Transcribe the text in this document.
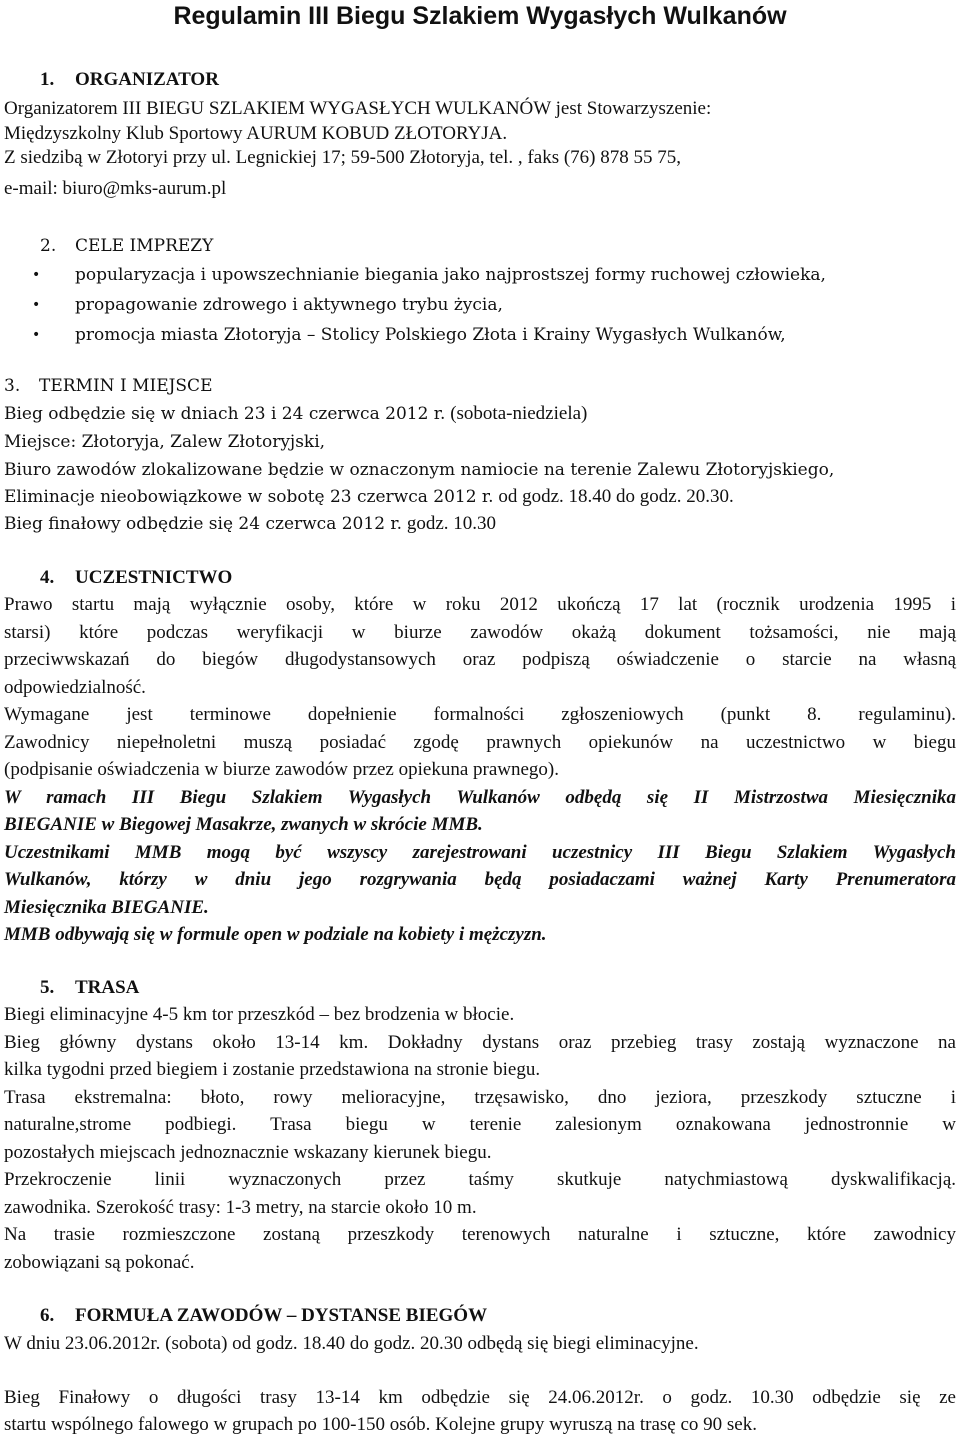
Regulamin III Biegu Szlakiem Wygasłych Wulkanów
1. ORGANIZATOR
Organizatorem III BIEGU SZLAKIEM WYGASŁYCH WULKANÓW jest Stowarzyszenie:
Międzyszkolny Klub Sportowy AURUM KOBUD ZŁOTORYJA.
Z siedzibą w Złotoryi przy ul. Legnickiej 17; 59-500 Złotoryja, tel. , faks (76) 878 55 75,
e-mail: biuro@mks-aurum.pl
2. CELE IMPREZY
• popularyzacja i upowszechnianie biegania jako najprostszej formy ruchowej człowieka,
• propagowanie zdrowego i aktywnego trybu życia,
• promocja miasta Złotoryja – Stolicy Polskiego Złota i Krainy Wygasłych Wulkanów,
3. TERMIN I MIEJSCE
Bieg odbędzie się w dniach 23 i 24 czerwca 2012 r. (sobota-niedziela)
Miejsce: Złotoryja, Zalew Złotoryjski,
Biuro zawodów zlokalizowane będzie w oznaczonym namiocie na terenie Zalewu Złotoryjskiego,
Eliminacje nieobowiązkowe w sobotę 23 czerwca 2012 r. od godz. 18.40 do godz. 20.30.
Bieg finałowy odbędzie się 24 czerwca 2012 r. godz. 10.30
4. UCZESTNICTWO
Prawo startu mają wyłącznie osoby, które w roku 2012 ukończą 17 lat (rocznik urodzenia 1995 i
starsi) które podczas weryfikacji w biurze zawodów okażą dokument tożsamości, nie mają
przeciwwskazań do biegów długodystansowych oraz podpiszą oświadczenie o starcie na własną
odpowiedzialność.
Wymagane jest terminowe dopełnienie formalności zgłoszeniowych (punkt 8. regulaminu).
Zawodnicy niepełnoletni muszą posiadać zgodę prawnych opiekunów na uczestnictwo w biegu
(podpisanie oświadczenia w biurze zawodów przez opiekuna prawnego).
W ramach III Biegu Szlakiem Wygasłych Wulkanów odbędą się II Mistrzostwa Miesięcznika
BIEGANIE w Biegowej Masakrze, zwanych w skrócie MMB.
Uczestnikami MMB mogą być wszyscy zarejestrowani uczestnicy III Biegu Szlakiem Wygasłych
Wulkanów, którzy w dniu jego rozgrywania będą posiadaczami ważnej Karty Prenumeratora
Miesięcznika BIEGANIE.
MMB odbywają się w formule open w podziale na kobiety i mężczyzn.
5. TRASA
Biegi eliminacyjne 4-5 km tor przeszkód – bez brodzenia w błocie.
Bieg główny dystans około 13-14 km. Dokładny dystans oraz przebieg trasy zostają wyznaczone na
kilka tygodni przed biegiem i zostanie przedstawiona na stronie biegu.
Trasa ekstremalna: błoto, rowy melioracyjne, trzęsawisko, dno jeziora, przeszkody sztuczne i
naturalne,strome podbiegi. Trasa biegu w terenie zalesionym oznakowana jednostronnie w
pozostałych miejscach jednoznacznie wskazany kierunek biegu.
Przekroczenie linii wyznaczonych przez taśmy skutkuje natychmiastową dyskwalifikacją.
zawodnika. Szerokość trasy: 1-3 metry, na starcie około 10 m.
Na trasie rozmieszczone zostaną przeszkody terenowych naturalne i sztuczne, które zawodnicy
zobowiązani są pokonać.
6. FORMUŁA ZAWODÓW – DYSTANSE BIEGÓW
W dniu 23.06.2012r. (sobota) od godz. 18.40 do godz. 20.30 odbędą się biegi eliminacyjne.
Bieg Finałowy o długości trasy 13-14 km odbędzie się 24.06.2012r. o godz. 10.30 odbędzie się ze
startu wspólnego falowego w grupach po 100-150 osób. Kolejne grupy wyruszą na trasę co 90 sek.
